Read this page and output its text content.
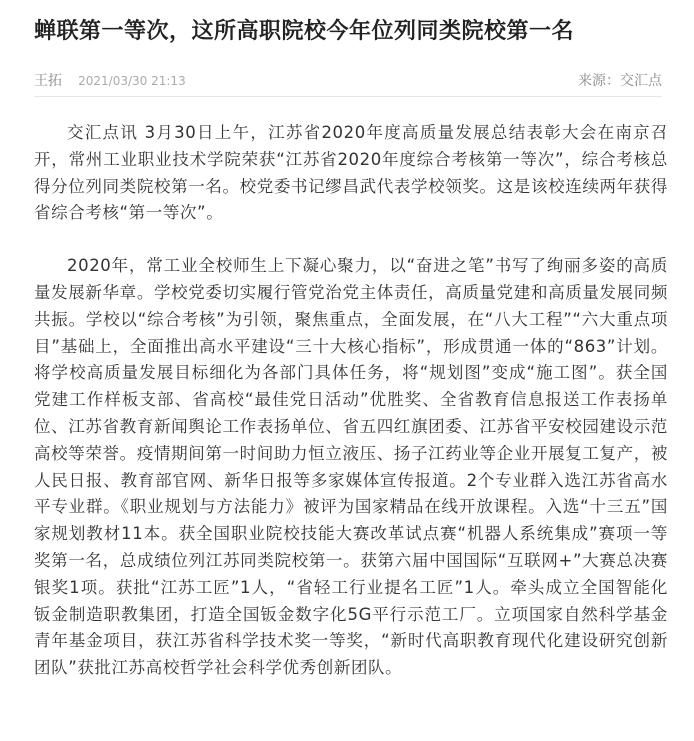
蝉联第一等次，这所高职院校今年位列同类院校第一名
王拓 2021/03/30 21:13	来源：交汇点

交汇点讯 3月30日上午，江苏省2020年度高质量发展总结表彰大会在南京召开，常州工业职业技术学院荣获“江苏省2020年度综合考核第一等次”，综合考核总得分位列同类院校第一名。校党委书记缪昌武代表学校领奖。这是该校连续两年获得省综合考核“第一等次”。

2020年，常工业全校师生上下凝心聚力，以“奋进之笔”书写了绚丽多姿的高质量发展新华章。学校党委切实履行管党治党主体责任，高质量党建和高质量发展同频共振。学校以“综合考核”为引领，聚焦重点，全面发展，在“八大工程”“六大重点项目”基础上，全面推出高水平建设“三十大核心指标”，形成贯通一体的“863”计划。将学校高质量发展目标细化为各部门具体任务，将“规划图”变成“施工图”。获全国党建工作样板支部、省高校“最佳党日活动”优胜奖、全省教育信息报送工作表扬单位、江苏省教育新闻舆论工作表扬单位、省五四红旗团委、江苏省平安校园建设示范高校等荣誉。疫情期间第一时间助力恒立液压、扬子江药业等企业开展复工复产，被人民日报、教育部官网、新华日报等多家媒体宣传报道。2个专业群入选江苏省高水平专业群。《职业规划与方法能力》被评为国家精品在线开放课程。入选“十三五”国家规划教材11本。获全国职业院校技能大赛改革试点赛“机器人系统集成”赛项一等奖第一名，总成绩位列江苏同类院校第一。获第六届中国国际“互联网+”大赛总决赛银奖1项。获批“江苏工匠”1人，“省轻工行业提名工匠”1人。牵头成立全国智能化钣金制造职教集团，打造全国钣金数字化5G平行示范工厂。立项国家自然科学基金青年基金项目，获江苏省科学技术奖一等奖，“新时代高职教育现代化建设研究创新团队”获批江苏高校哲学社会科学优秀创新团队。
